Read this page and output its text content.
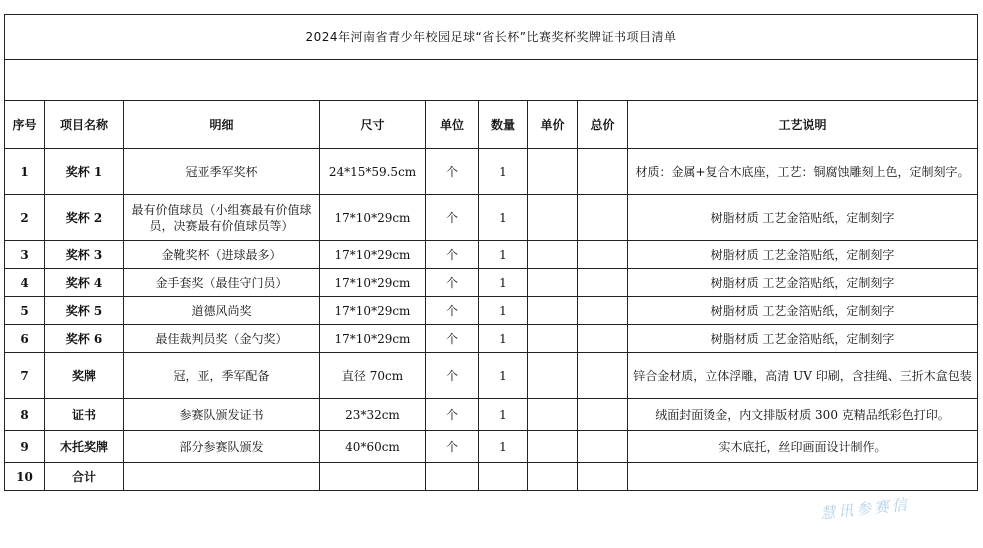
2024年河南省青少年校园足球“省长杯”比赛奖杯奖牌证书项目清单								

序号	项目名称	明细	尺寸	单位	数量	单价	总价	工艺说明
1	奖杯 1	冠亚季军奖杯	24*15*59.5cm	个	1			材质：金属+复合木底座，工艺：铜腐蚀雕刻上色，定制刻字。
2	奖杯 2	最有价值球员（小组赛最有价值球员，决赛最有价值球员等）	17*10*29cm	个	1			树脂材质 工艺金箔贴纸，定制刻字
3	奖杯 3	金靴奖杯（进球最多）	17*10*29cm	个	1			树脂材质 工艺金箔贴纸，定制刻字
4	奖杯 4	金手套奖（最佳守门员）	17*10*29cm	个	1			树脂材质 工艺金箔贴纸，定制刻字
5	奖杯 5	道德风尚奖	17*10*29cm	个	1			树脂材质 工艺金箔贴纸，定制刻字
6	奖杯 6	最佳裁判员奖（金勺奖）	17*10*29cm	个	1			树脂材质 工艺金箔贴纸，定制刻字
7	奖牌	冠，亚，季军配备	直径 70cm	个	1			锌合金材质，立体浮雕，高清 UV 印刷，含挂绳、三折木盒包装
8	证书	参赛队颁发证书	23*32cm	个	1			绒面封面烫金，内文排版材质 300 克精品纸彩色打印。
9	木托奖牌	部分参赛队颁发	40*60cm	个	1			实木底托，丝印画面设计制作。
10	合计							
慧讯参赛信
